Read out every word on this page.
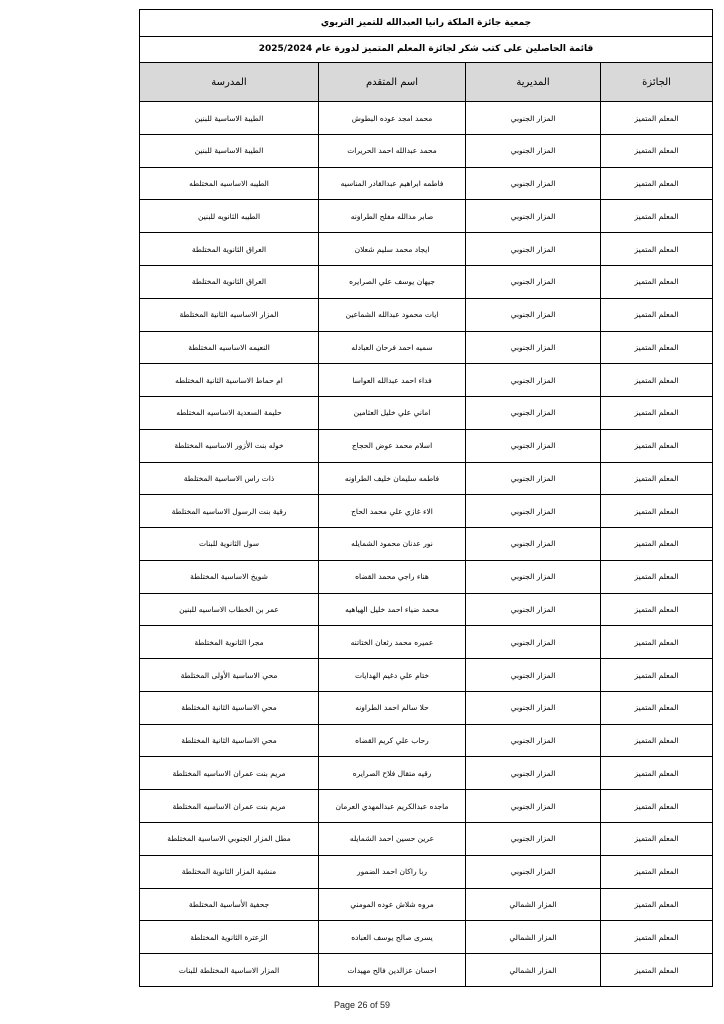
جمعية جائزة الملكة رانيا العبدالله للتميز التربوي			
قائمة الحاصلين على كتب شكر لجائزة المعلم المتميز لدورة عام 2025/2024			
الجائزة	المديرية	اسم المتقدم	المدرسة
المعلم المتميز	المزار الجنوبي	محمد امجد عوده البطوش	الطيبة الاساسية للبنين
المعلم المتميز	المزار الجنوبي	محمد عبدالله احمد الحريرات	الطيبة الاساسية للبنين
المعلم المتميز	المزار الجنوبي	فاطمه ابراهيم عبدالقادر المناسيه	الطيبه الاساسيه المختلطه
المعلم المتميز	المزار الجنوبي	صابر مدالله مفلح الطراونه	الطيبه الثانويه للبنين
المعلم المتميز	المزار الجنوبي	ايجاد محمد سليم شعلان	العراق الثانوية المختلطة
المعلم المتميز	المزار الجنوبي	جيهان يوسف علي الصرايره	العراق الثانوية المختلطة
المعلم المتميز	المزار الجنوبي	ايات محمود عبدالله الشماعين	المزار الاساسيه الثانية المختلطة
المعلم المتميز	المزار الجنوبي	سميه احمد فرحان العبادله	النعيمه الاساسيه المختلطة
المعلم المتميز	المزار الجنوبي	فداء احمد عبدالله العواسا	ام حماط الاساسية الثانية المختلطه
المعلم المتميز	المزار الجنوبي	اماني علي خليل العثامين	حليمة السعدية الاساسيه المختلطه
المعلم المتميز	المزار الجنوبي	اسلام محمد عوض الحجاج	خوله بنت الأزور الاساسيه المختلطة
المعلم المتميز	المزار الجنوبي	فاطمه سليمان خليف الطراونه	ذات راس الاساسية المختلطة
المعلم المتميز	المزار الجنوبي	الاء غازي علي محمد الحاج	رقية بنت الرسول الاساسيه المختلطة
المعلم المتميز	المزار الجنوبي	نور عدنان محمود الشمايله	سول الثانوية للبنات
المعلم المتميز	المزار الجنوبي	هناء راجي محمد القضاه	شويخ الاساسية المختلطة
المعلم المتميز	المزار الجنوبي	محمد ضياء احمد خليل الهياهيه	عمر بن الخطاب الاساسيه للبنين
المعلم المتميز	المزار الجنوبي	عميره محمد رثعان الختاتنه	مجرا الثانوية المختلطة
المعلم المتميز	المزار الجنوبي	ختام علي دغيم الهدايات	محي الاساسية الأولى المختلطة
المعلم المتميز	المزار الجنوبي	حلا سالم احمد الطراونه	محي الاساسية الثانية المختلطة
المعلم المتميز	المزار الجنوبي	رحاب علي كريم القضاه	محي الاساسية الثانية المختلطة
المعلم المتميز	المزار الجنوبي	رقيه متقال فلاح الصرايره	مريم بنت عمران الاساسيه المختلطة
المعلم المتميز	المزار الجنوبي	ماجده عبدالكريم عبدالمهدي العرمان	مريم بنت عمران الاساسيه المختلطة
المعلم المتميز	المزار الجنوبي	عرين حسين احمد الشمايله	مطل المزار الجنوبي الاساسية المختلطة
المعلم المتميز	المزار الجنوبي	ربا راكان احمد الضمور	منشية المزار الثانوية المختلطة
المعلم المتميز	المزار الشمالي	مروه شلاش عوده المومني	جحفية الأساسية المختلطة
المعلم المتميز	المزار الشمالي	يسرى صالح يوسف العباده	الزعترة الثانوية المختلطة
المعلم المتميز	المزار الشمالي	احسان عزالدين فالح مهيدات	المزار الاساسية المختلطة للبنات
Page 26 of 59
